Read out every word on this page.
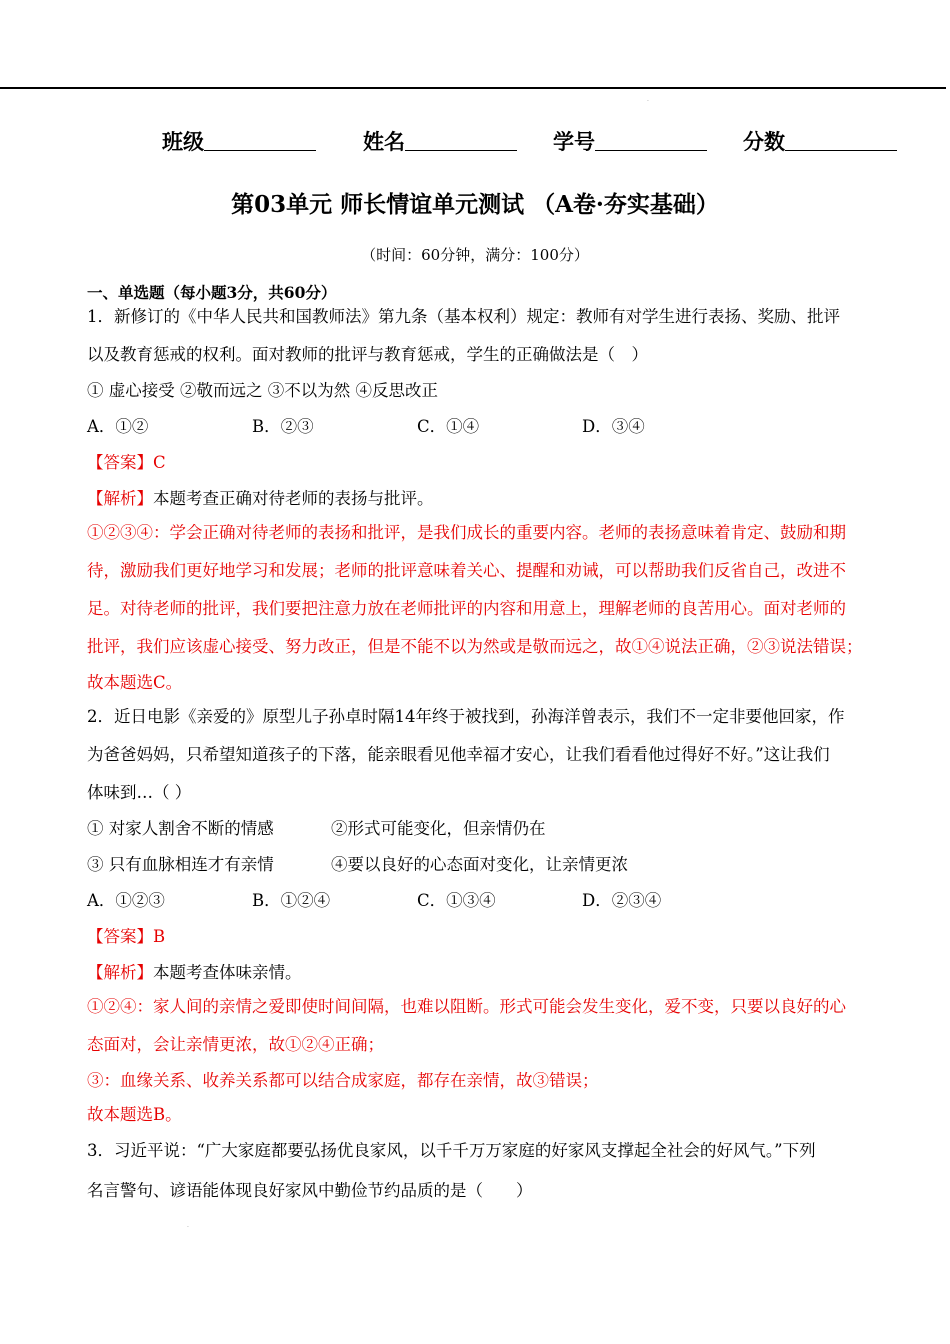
.
班级	姓名	学号	分数
第03单元 师长情谊单元测试 （A卷·夯实基础）
（时间：60分钟，满分：100分）
一、单选题（每小题3分，共60分）
1．新修订的《中华人民共和国教师法》第九条（基本权利）规定：教师有对学生进行表扬、奖励、批评
以及教育惩戒的权利。面对教师的批评与教育惩戒，学生的正确做法是（　）
① 虚心接受 ②敬而远之 ③不以为然 ④反思改正
A．①②	B．②③	C．①④	D．③④
【答案】C
【解析】本题考查正确对待老师的表扬与批评。
①②③④：学会正确对待老师的表扬和批评，是我们成长的重要内容。老师的表扬意味着肯定、鼓励和期
待，激励我们更好地学习和发展；老师的批评意味着关心、提醒和劝诫，可以帮助我们反省自己，改进不
足。对待老师的批评，我们要把注意力放在老师批评的内容和用意上，理解老师的良苦用心。面对老师的
批评，我们应该虚心接受、努力改正，但是不能不以为然或是敬而远之，故①④说法正确，②③说法错误；
故本题选C。
2．近日电影《亲爱的》原型儿子孙卓时隔14年终于被找到，孙海洋曾表示，我们不一定非要他回家，作
为爸爸妈妈，只希望知道孩子的下落，能亲眼看见他幸福才安心，让我们看看他过得好不好。”这让我们
体味到…（ ）
① 对家人割舍不断的情感	②形式可能变化，但亲情仍在
③ 只有血脉相连才有亲情	④要以良好的心态面对变化，让亲情更浓
A．①②③	B．①②④	C．①③④	D．②③④
【答案】B
【解析】本题考查体味亲情。
①②④：家人间的亲情之爱即使时间间隔，也难以阻断。形式可能会发生变化，爱不变，只要以良好的心
态面对，会让亲情更浓，故①②④正确；
③：血缘关系、收养关系都可以结合成家庭，都存在亲情，故③错误；
故本题选B。
3．习近平说：“广大家庭都要弘扬优良家风，以千千万万家庭的好家风支撑起全社会的好风气。”下列
名言警句、谚语能体现良好家风中勤俭节约品质的是（　　）
.
